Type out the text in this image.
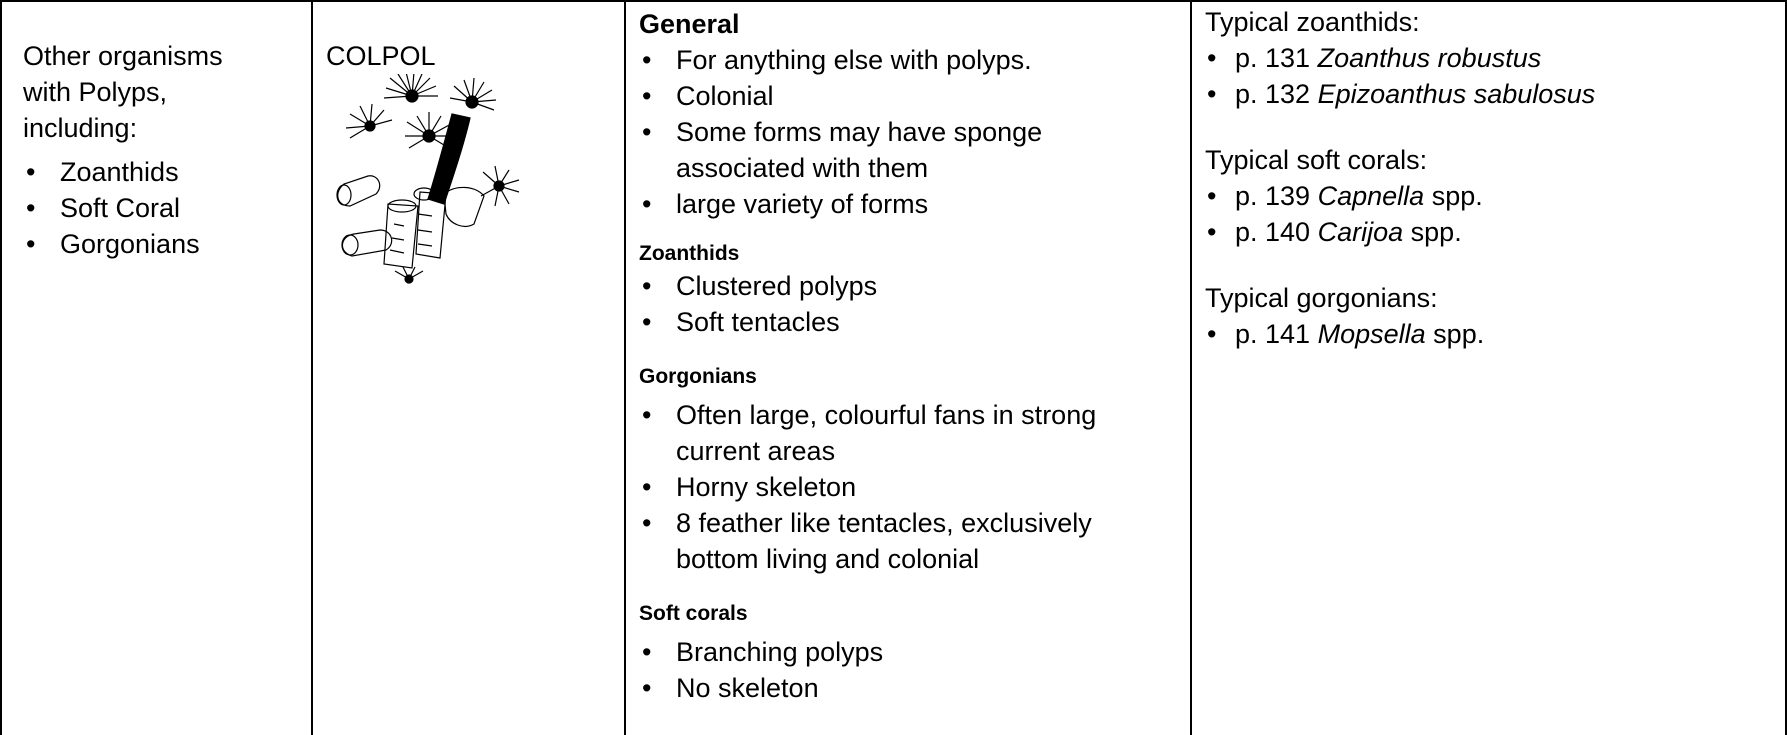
Other organisms
with Polyps,
including:
• Zoanthids
• Soft Coral
• Gorgonians
COLPOL
General
• For anything else with polyps.
• Colonial
• Some forms may have sponge
associated with them
• large variety of forms
Zoanthids
• Clustered polyps
• Soft tentacles
Gorgonians
• Often large, colourful fans in strong
current areas
• Horny skeleton
• 8 feather like tentacles, exclusively
bottom living and colonial
Soft corals
• Branching polyps
• No skeleton
Typical zoanthids:
• p. 131 Zoanthus robustus
• p. 132 Epizoanthus sabulosus
Typical soft corals:
• p. 139 Capnella spp.
• p. 140 Carijoa spp.
Typical gorgonians:
• p. 141 Mopsella spp.
